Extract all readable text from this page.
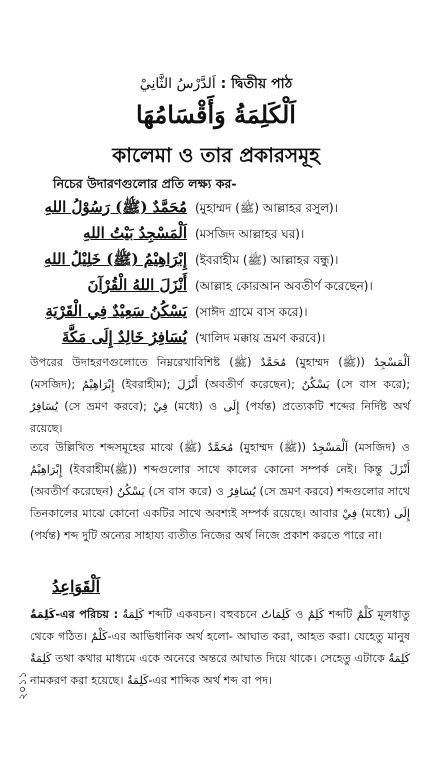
اَلدَّرْسُ الثَّانِيْ : দ্বিতীয় পাঠ
اَلْكَلِمَةُ وَأَقْسَامُهَا
কালেমা ও তার প্রকারসমূহ
নিচের উদারণগুলোর প্রতি লক্ষ্য কর-
مُحَمَّدٌ (ﷺ) رَسُوْلُ اللهِ (মুহাম্মদ (ﷺ) আল্লাহর রসুল)।
اَلْمَسْجِدُ بَيْتُ اللهِ (মসজিদ আল্লাহর ঘর)।
إِبْرَاهِيْمُ (ﷺ) خَلِيْلُ اللهِ (ইবরাহীম (ﷺ) আল্লাহর বন্ধু)।
أَنْزَلَ اللهُ الْقُرْآنَ (আল্লাহ কোরআন অবতীর্ণ করেছেন)।
يَسْكُنُ سَعِيْدٌ فِي الْقَرْيَةِ (সাঈদ গ্রামে বাস করে)।
يُسَافِرُ خَالِدٌ إِلَى مَكَّةَ (খালিদ মক্কায় ভ্রমণ করবে)।
উপরের উদাহরণগুলোতে নিম্নরেখাবিশিষ্ট مُحَمَّدٌ (ﷺ) (মুহাম্মদ (ﷺ)) اَلْمَسْجِدُ (মসজিদ); إِبْرَاهِيْمُ (ইবরাহীম); أَنْزَلَ (অবতীর্ণ করেছেন); يَسْكُنُ (সে বাস করে); يُسَافِرُ (সে ভ্রমণ করবে); فِيْ (মধ্যে) ও إِلَى (পর্যন্ত) প্রত্যেকটি শব্দের নির্দিষ্ট অর্থ রয়েছে।
তবে উল্লিখিত শব্দসমূহের মাঝে مُحَمَّدٌ (ﷺ) (মুহাম্মদ (ﷺ)) اَلْمَسْجِدُ (মসজিদ) ও إِبْرَاهِيْمُ (ইবরাহীম(ﷺ)) শব্দগুলোর সাথে কালের কোনো সম্পর্ক নেই। কিন্তু أَنْزَلَ (অবতীর্ণ করেছেন) يَسْكُنُ (সে বাস করে) ও يُسَافِرُ (সে ভ্রমণ করবে) শব্দগুলোর সাথে তিনকালের মাঝে কোনো একটির সাথে অবশ্যই সম্পর্ক রয়েছে। আবার فِيْ (মধ্যে) إِلَى (পর্যন্ত) শব্দ দুটি অন্যের সাহায্য ব্যতীত নিজের অর্থ নিজে প্রকাশ করতে পারে না।
اَلْقَوَاعِدُ
كَلِمَةٌ-এর পরিচয় : كَلِمَةٌ শব্দটি একবচন। বহুবচনে كَلِمَاتٌ ও كَلِمٌ শব্দটি كَلْمٌ মূলধাতু থেকে গঠিত। كَلْمٌ-এর আভিধানিক অর্থ হলো- আঘাত করা, আহত করা। যেহেতু মানুষ كَلِمَةٌ তথা কথার মাধ্যমে একে অনেরে অন্তরে আঘাত দিয়ে থাকে। সেহেতু এটাকে كَلِمَةٌ নামকরণ করা হয়েছে। كَلِمَةٌ-এর শাব্দিক অর্থ শব্দ বা পদ।
২০১১
